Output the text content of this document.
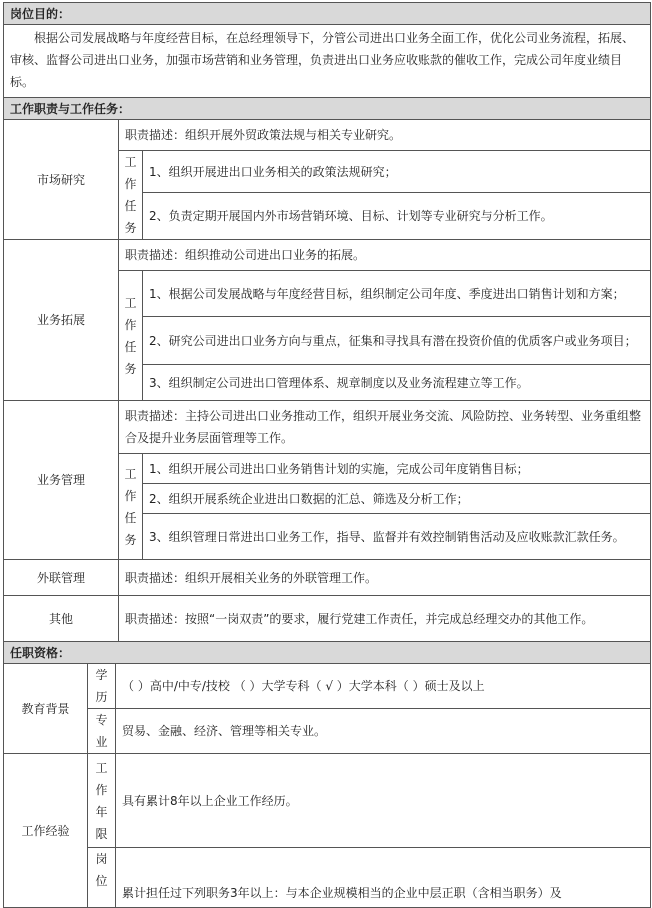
岗位目的：				
根据公司发展战略与年度经营目标，在总经理领导下，分管公司进出口业务全面工作，优化公司业务流程，拓展、审核、监督公司进出口业务，加强市场营销和业务管理，负责进出口业务应收账款的催收工作，完成公司年度业绩目标。				
工作职责与工作任务：				
市场研究			职责描述：组织开展外贸政策法规与相关专业研究。	
			工作任务	1、组织开展进出口业务相关的政策法规研究；
				2、负责定期开展国内外市场营销环境、目标、计划等专业研究与分析工作。
业务拓展			职责描述：组织推动公司进出口业务的拓展。	
			工作任务	1、根据公司发展战略与年度经营目标，组织制定公司年度、季度进出口销售计划和方案；
				2、研究公司进出口业务方向与重点，征集和寻找具有潜在投资价值的优质客户或业务项目；
				3、组织制定公司进出口管理体系、规章制度以及业务流程建立等工作。
业务管理			职责描述：主持公司进出口业务推动工作，组织开展业务交流、风险防控、业务转型、业务重组整合及提升业务层面管理等工作。	
			工作任务	1、组织开展公司进出口业务销售计划的实施，完成公司年度销售目标；
				2、组织开展系统企业进出口数据的汇总、筛选及分析工作；
				3、组织管理日常进出口业务工作，指导、监督并有效控制销售活动及应收账款汇款任务。
外联管理			职责描述：组织开展相关业务的外联管理工作。	
其他			职责描述：按照“一岗双责”的要求，履行党建工作责任，并完成总经理交办的其他工作。	
任职资格：				
教育背景	学历	（ ）高中/中专/技校 （ ）大学专科（ √ ）大学本科（ ）硕士及以上		
	专业	贸易、金融、经济、管理等相关专业。		
工作经验	工作年限	具有累计8年以上企业工作经历。		
	岗位	累计担任过下列职务3年以上：与本企业规模相当的企业中层正职（含相当职务）及		
